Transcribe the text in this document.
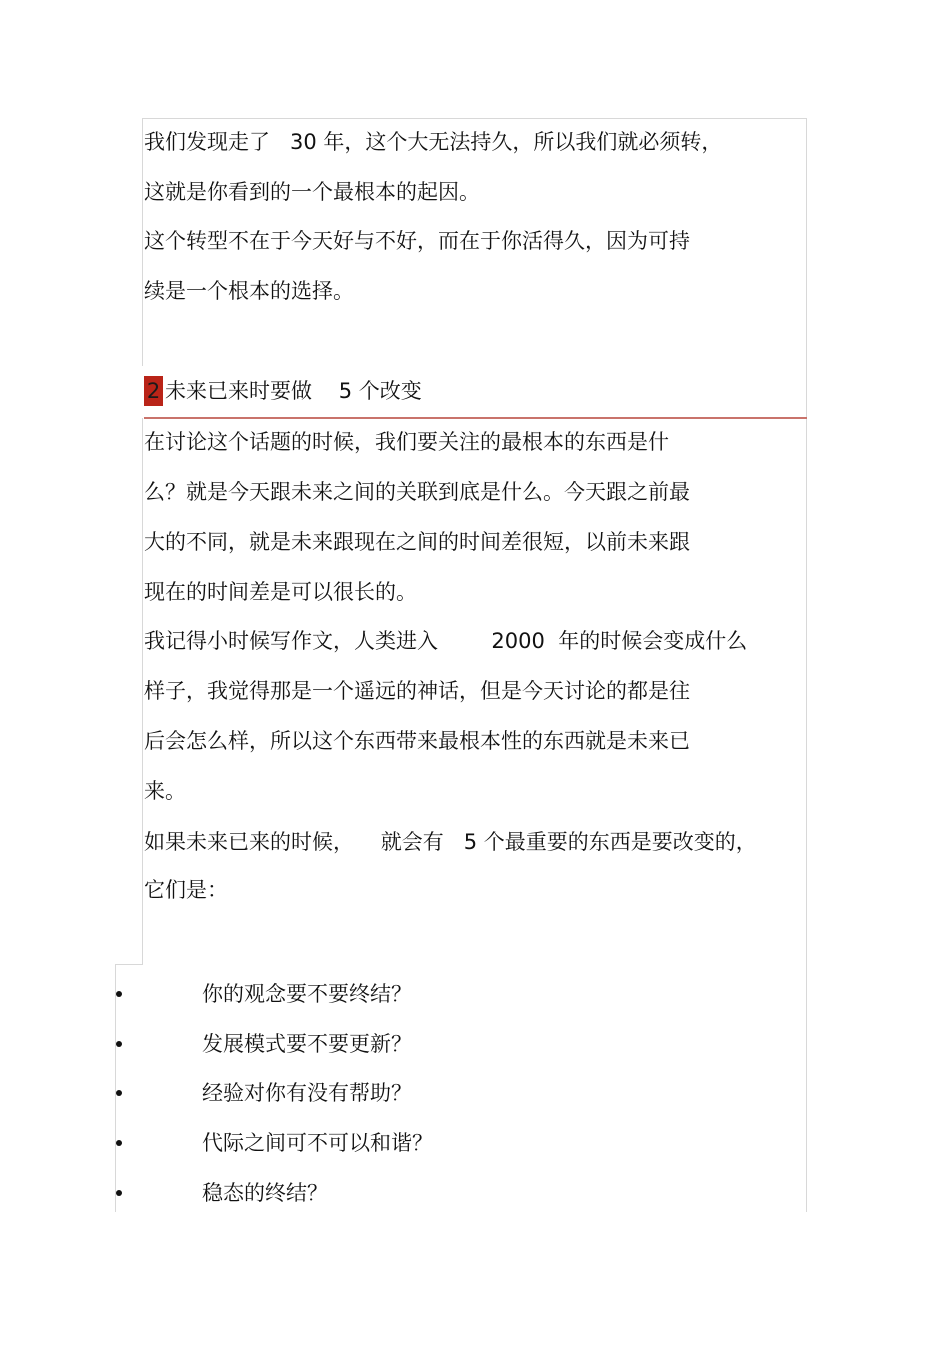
我们发现走了   30 年，这个大无法持久，所以我们就必须转，
这就是你看到的一个最根本的起因。
这个转型不在于今天好与不好，而在于你活得久，因为可持
续是一个根本的选择。
2 未来已来时要做    5 个改变
在讨论这个话题的时候，我们要关注的最根本的东西是什
么？就是今天跟未来之间的关联到底是什么。今天跟之前最
大的不同，就是未来跟现在之间的时间差很短，以前未来跟
现在的时间差是可以很长的。
我记得小时候写作文，人类进入        2000  年的时候会变成什么
样子，我觉得那是一个遥远的神话，但是今天讨论的都是往
后会怎么样，所以这个东西带来最根本性的东西就是未来已
来。
如果未来已来的时候，    就会有   5 个最重要的东西是要改变的，
它们是：
你的观念要不要终结？
发展模式要不要更新？
经验对你有没有帮助？
代际之间可不可以和谐？
稳态的终结？
